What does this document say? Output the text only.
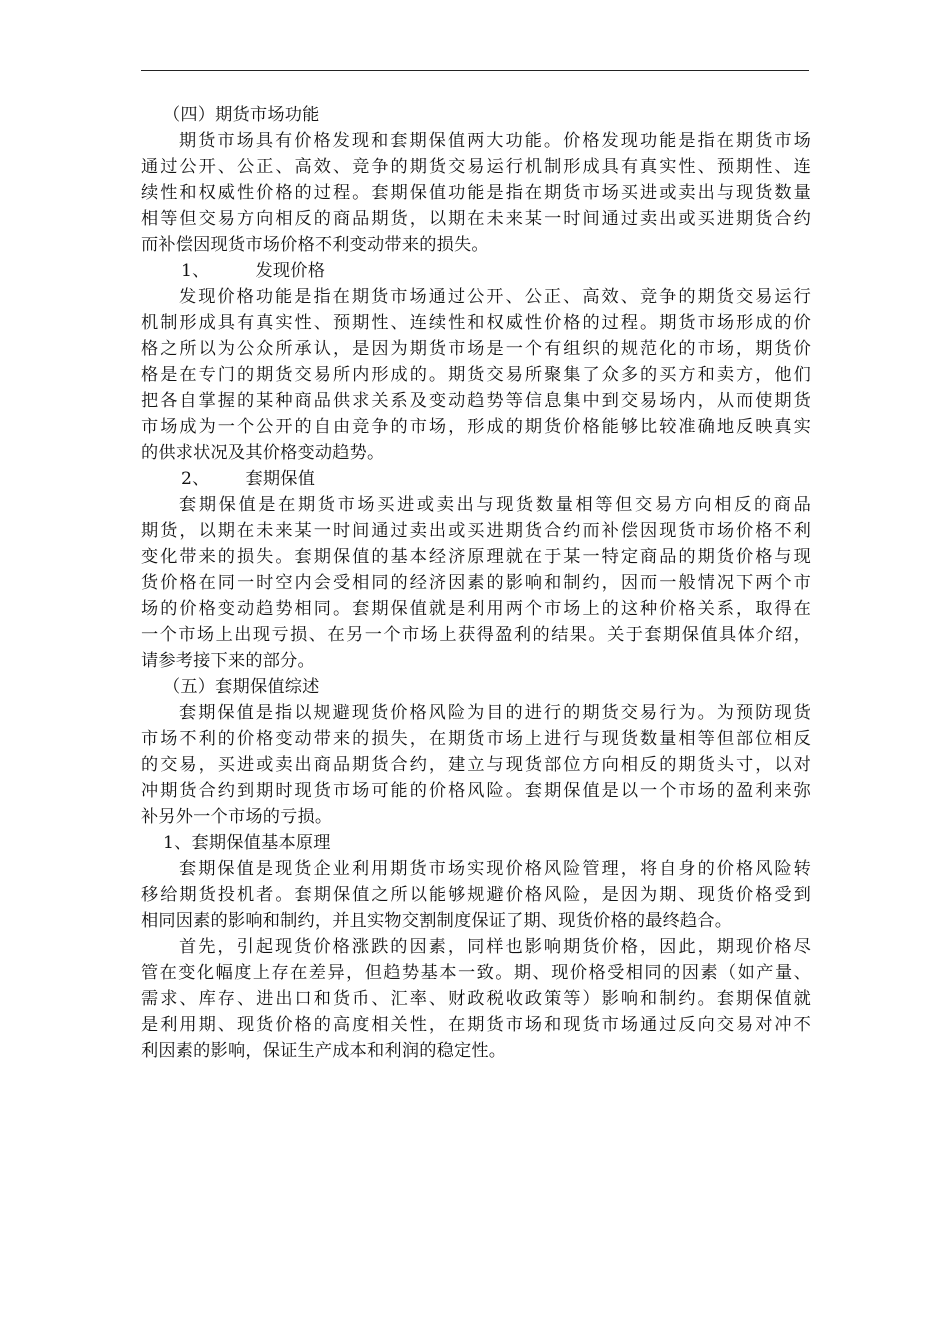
（四）期货市场功能
期货市场具有价格发现和套期保值两大功能。价格发现功能是指在期货市场
通过公开、公正、高效、竞争的期货交易运行机制形成具有真实性、预期性、连
续性和权威性价格的过程。套期保值功能是指在期货市场买进或卖出与现货数量
相等但交易方向相反的商品期货，以期在未来某一时间通过卖出或买进期货合约
而补偿因现货市场价格不利变动带来的损失。
1、	发现价格
发现价格功能是指在期货市场通过公开、公正、高效、竞争的期货交易运行
机制形成具有真实性、预期性、连续性和权威性价格的过程。期货市场形成的价
格之所以为公众所承认，是因为期货市场是一个有组织的规范化的市场，期货价
格是在专门的期货交易所内形成的。期货交易所聚集了众多的买方和卖方，他们
把各自掌握的某种商品供求关系及变动趋势等信息集中到交易场内，从而使期货
市场成为一个公开的自由竞争的市场，形成的期货价格能够比较准确地反映真实
的供求状况及其价格变动趋势。
2、 套期保值
套期保值是在期货市场买进或卖出与现货数量相等但交易方向相反的商品
期货，以期在未来某一时间通过卖出或买进期货合约而补偿因现货市场价格不利
变化带来的损失。套期保值的基本经济原理就在于某一特定商品的期货价格与现
货价格在同一时空内会受相同的经济因素的影响和制约，因而一般情况下两个市
场的价格变动趋势相同。套期保值就是利用两个市场上的这种价格关系，取得在
一个市场上出现亏损、在另一个市场上获得盈利的结果。关于套期保值具体介绍，
请参考接下来的部分。
（五）套期保值综述
套期保值是指以规避现货价格风险为目的进行的期货交易行为。为预防现货
市场不利的价格变动带来的损失，在期货市场上进行与现货数量相等但部位相反
的交易，买进或卖出商品期货合约，建立与现货部位方向相反的期货头寸，以对
冲期货合约到期时现货市场可能的价格风险。套期保值是以一个市场的盈利来弥
补另外一个市场的亏损。
1、套期保值基本原理
套期保值是现货企业利用期货市场实现价格风险管理，将自身的价格风险转
移给期货投机者。套期保值之所以能够规避价格风险，是因为期、现货价格受到
相同因素的影响和制约，并且实物交割制度保证了期、现货价格的最终趋合。
首先，引起现货价格涨跌的因素，同样也影响期货价格，因此，期现价格尽
管在变化幅度上存在差异，但趋势基本一致。期、现价格受相同的因素（如产量、
需求、库存、进出口和货币、汇率、财政税收政策等）影响和制约。套期保值就
是利用期、现货价格的高度相关性，在期货市场和现货市场通过反向交易对冲不
利因素的影响，保证生产成本和利润的稳定性。
